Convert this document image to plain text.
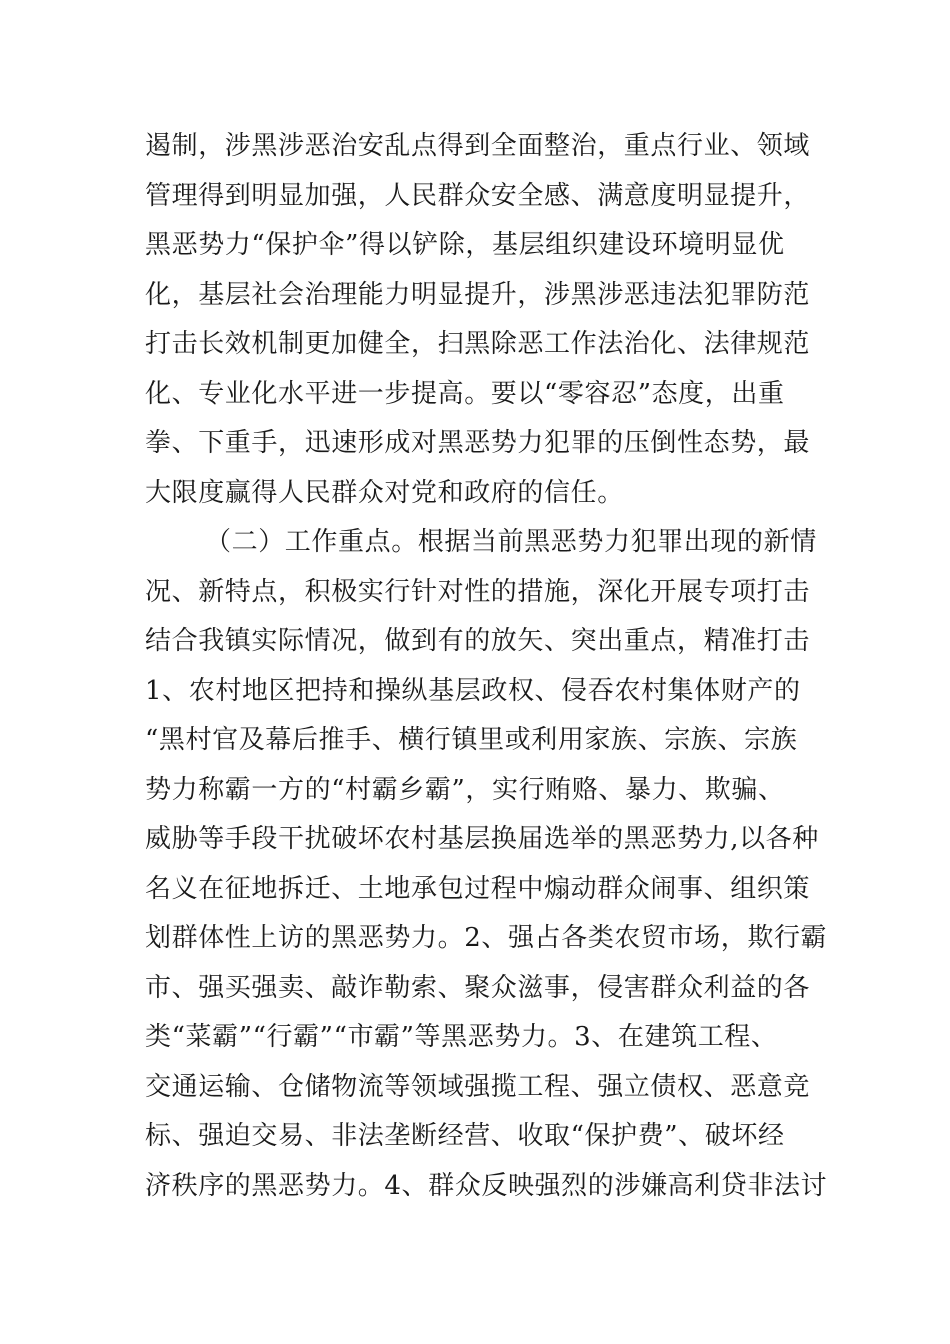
遏制，涉黑涉恶治安乱点得到全面整治，重点行业、领域
管理得到明显加强，人民群众安全感、满意度明显提升，
黑恶势力“保护伞”得以铲除，基层组织建设环境明显优
化，基层社会治理能力明显提升，涉黑涉恶违法犯罪防范
打击长效机制更加健全，扫黑除恶工作法治化、法律规范
化、专业化水平进一步提高。要以“零容忍”态度，出重
拳、下重手，迅速形成对黑恶势力犯罪的压倒性态势，最
大限度赢得人民群众对党和政府的信任。
（二）工作重点。根据当前黑恶势力犯罪出现的新情
况、新特点，积极实行针对性的措施，深化开展专项打击
结合我镇实际情况，做到有的放矢、突出重点，精准打击
1、农村地区把持和操纵基层政权、侵吞农村集体财产的
“黑村官及幕后推手、横行镇里或利用家族、宗族、宗族
势力称霸一方的“村霸乡霸”，实行贿赂、暴力、欺骗、
威胁等手段干扰破坏农村基层换届选举的黑恶势力,以各种
名义在征地拆迁、土地承包过程中煽动群众闹事、组织策
划群体性上访的黑恶势力。2、强占各类农贸市场，欺行霸
市、强买强卖、敲诈勒索、聚众滋事，侵害群众利益的各
类“菜霸”“行霸”“市霸”等黑恶势力。3、在建筑工程、
交通运输、仓储物流等领域强揽工程、强立债权、恶意竞
标、强迫交易、非法垄断经营、收取“保护费”、破坏经
济秩序的黑恶势力。4、群众反映强烈的涉嫌高利贷非法讨
